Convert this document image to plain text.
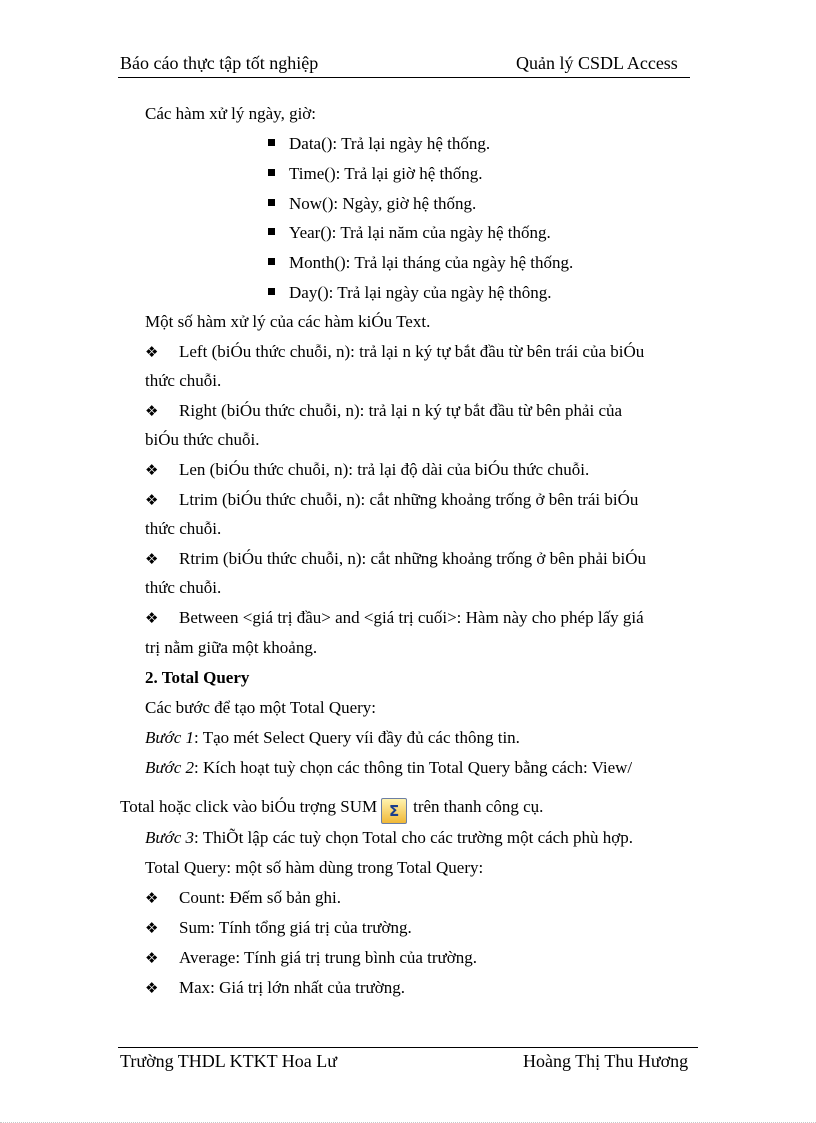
Báo cáo thực tập tốt nghiệp	Quản lý CSDL Access
Các hàm xử lý ngày, giờ:
Data(): Trả lại ngày hệ thống.
Time(): Trả lại giờ hệ thống.
Now(): Ngày, giờ hệ thống.
Year(): Trả lại năm của ngày hệ thống.
Month(): Trả lại tháng của ngày hệ thống.
Day(): Trả lại ngày của ngày hệ thông.
Một số hàm xử lý của các hàm kiÓu Text.
❖ Left (biÓu thức chuỗi, n): trả lại n ký tự bắt đầu từ bên trái của biÓu
thức chuỗi.
❖ Right (biÓu thức chuỗi, n): trả lại n ký tự bắt đầu từ bên phải của
biÓu thức chuỗi.
❖ Len (biÓu thức chuỗi, n): trả lại độ dài của biÓu thức chuỗi.
❖ Ltrim (biÓu thức chuỗi, n): cắt những khoảng trống ở bên trái biÓu
thức chuỗi.
❖ Rtrim (biÓu thức chuỗi, n): cắt những khoảng trống ở bên phải biÓu
thức chuỗi.
❖ Between <giá trị đầu> and <giá trị cuối>: Hàm này cho phép lấy giá
trị nằm giữa một khoảng.
2. Total Query
Các bước để tạo một Total Query:
Bước 1: Tạo mét Select Query víi đầy đủ các thông tin.
Bước 2: Kích hoạt tuỳ chọn các thông tin Total Query bằng cách: View/
Total hoặc click vào biÓu trợng SUM Σ trên thanh công cụ.
Bước 3: ThiÕt lập các tuỳ chọn Total cho các trường một cách phù hợp.
Total Query: một số hàm dùng trong Total Query:
❖ Count: Đếm số bản ghi.
❖ Sum: Tính tổng giá trị của trường.
❖ Average: Tính giá trị trung bình của trường.
❖ Max: Giá trị lớn nhất của trường.
Trường THDL KTKT Hoa Lư	Hoàng Thị Thu Hương
